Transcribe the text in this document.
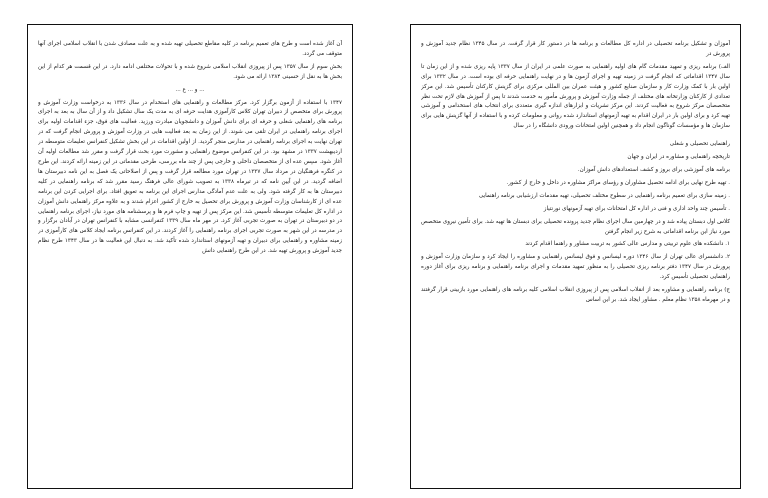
آن آغاز شده است و طرح های تعمیم برنامه در کلیه مقاطع تحصیلی تهیه شده و به علت مصادف شدن با انقلاب اسلامی اجرای آنها متوقف می گردد.

بخش سوم از سال ۱۳۵۷ پس از پیروزی انقلاب اسلامی شروع شده و با تحولات مختلفی ادامه دارد. در این قسمت هر کدام از این بخش ها به نقل از حسینی ۱۳۸۴ ارائه می شود.

... و ... ع ...

۱۳۴۷ با استفاده از آزمون برگزار کرد. مرکز مطالعات و راهنمایی های استخدام در سال ۱۳۳۶ به درخواست وزارت آموزش و پرورش برای متخصص از دبیران تهران کلاس کارآموزی هدایت حرفه ای به مدت یک سال تشکیل داد و از آن سال به بعد به اجرای برنامه های راهنمایی شغلی و حرفه ای برای دانش آموزان و دانشجویان مبادرت ورزید. فعالیت های فوق، جزء اقدامات اولیه برای اجرای برنامه راهنمایی در ایران تلقی می شوند. از این زمان به بعد فعالیت هایی در وزارت آموزش و پرورش انجام گرفت که در تهران نهایت به اجرای برنامه راهنمایی در مدارس منجر گردید. از اولین اقدامات در این بخش تشکیل کنفرانس تعلیمات متوسطه در اردیبهشت ۱۳۳۷ در مشهد بود. در این کنفرانس موضوع راهنمایی و مشورت مورد بحث قرار گرفت و مقرر شد مطالعات اولیه آن آغاز شود. سپس عده ای از متخصصان داخلی و خارجی پس از چند ماه بررسی، طرحی مقدماتی در این زمینه ارائه کردند. این طرح در کنگره فرهنگیان در مرداد سال ۱۳۳۷ در تهران مورد مطالعه قرار گرفت و پس از اصلاحاتی یک فصل به این نامه دبیرستان ها اضافه گردید. در این آیین نامه که در تیرماه ۱۳۳۸ به تصویب شورای عالی فرهنگ رسید مقرر شد که برنامه راهنمایی در کلیه دبیرستان ها به کار گرفته شود. ولی به علت عدم آمادگی مدارس اجرای این برنامه به تعویق افتاد. برای اجرایی کردن این برنامه عده ای از کارشناسان وزارت آموزش و پرورش برای تحصیل به خارج از کشور اعزام شدند و به علاوه مرکز راهنمایی دانش آموزان در اداره کل تعلیمات متوسطه تأسیس شد. این مرکز پس از تهیه و چاپ فرم ها و پرسشنامه های مورد نیاز، اجرای برنامه راهنمایی در دو دبیرستان در تهران به صورت تجربی آغاز کرد. در مهر ماه سال ۱۳۳۹ کنفرانسی مشابه با کنفرانس تهران در آبادان برگزار و در مدرسه در این شهر به صورت تجربی اجرای برنامه راهنمایی را آغاز کردند. در این کنفرانس برنامه ایجاد کلاس های کارآموزی در زمینه مشاوره و راهنمایی برای دبیران و تهیه آزمونهای استاندارد شده تأکید شد. به دنبال این فعالیت ها در سال ۱۳۴۳ طرح نظام جدید آموزش و پرورش تهیه شد. در این طرح راهنمایی دانش

آموزان و تشکیل برنامه تحصیلی در اداره کل مطالعات و برنامه ها در دستور کار قرار گرفت. در سال ۱۳۴۵ نظام جدید آموزش و پرورش در

الف) برنامه ریزی و تمهید مقدمات گام های اولیه راهنمایی به صورت علمی در ایران از سال ۱۳۳۷ پایه ریزی شده و از این زمان تا سال ۱۳۴۷ اقداماتی که انجام گرفت در زمینه تهیه و اجرای آزمون ها و در نهایت راهنمایی حرفه ای بوده است. در سال ۱۳۳۲ برای اولین بار با کمک وزارت کار و سازمان صنایع کشور و هیئت عمران بین المللی مرکزی برای گزینش کارکنان تأسیس شد. این مرکز تعدادی از کارکنان وزارتخانه های مختلف از جمله وزارت آموزش و پرورش مأمور به خدمت شدند تا پس از آموزش های لازم تحت نظر متخصصان مرکز شروع به فعالیت کردند. این مرکز نشریات و ابزارهای اندازه گیری متعددی برای انتخاب های استخدامی و آموزشی تهیه کرد و برای اولین بار در ایران اقدام به تهیه آزمونهای استاندارد شده روانی و معلومات کرده و با استفاده از آنها گزینش هایی برای سازمان ها و مؤسسات گوناگون انجام داد و همچنین اولین امتحانات ورودی دانشگاه را در سال

راهنمایی تحصیلی و شغلی

تاریخچه راهنمایی و مشاوره در ایران و جهان

برنامه های آموزشی برای بروز و کشف استعدادهای دانش آموزان.

. تهیه طرح نهایی برای ادامه تحصیل مشاوران و رؤسای مراکز مشاوره در داخل و خارج از کشور.

. زمینه سازی برای تعمیم برنامه راهنمایی در سطوح مختلف تحصیلی، تهیه مقدمات ارزشیابی برنامه راهنمایی

. تأسیس چند واحد اداری و فنی در اداره کل امتحانات برای تهیه آزمونهای نورنتیاز

کلاس اول دبستان پیاده شد و در چهارمین سال اجرای نظام جدید پرونده تحصیلی برای دبستان ها تهیه شد. برای تأمین نیروی متخصص مورد نیاز این برنامه اقداماتی به شرح زیر انجام گرفتن

۱. دانشکده های علوم تربیتی و مدارس عالی کشور به تربیت مشاور و راهنما اقدام کردند

۲. دانشسرای عالی تهران از سال ۱۳۴۶ دوره لیسانس و فوق لیسانس راهنمایی و مشاوره را ایجاد کرد و سازمان وزارت آموزش و پرورش در سال ۱۳۴۷ دفتر برنامه ریزی تحصیلی را به منظور تمهید مقدمات و اجرای برنامه راهنمایی و برنامه ریزی برای آغاز دوره راهنمایی تحصیلی تأسیس کرد.

ج) برنامه راهنمایی و مشاوره بعد از انقلاب اسلامی پس از پیروزی انقلاب اسلامی کلیه برنامه های راهنمایی مورد بازبینی قرار گرفتند و در مهرماه ۱۳۵۸ نظام معلم . مشاور ایجاد شد. بر این اساس
